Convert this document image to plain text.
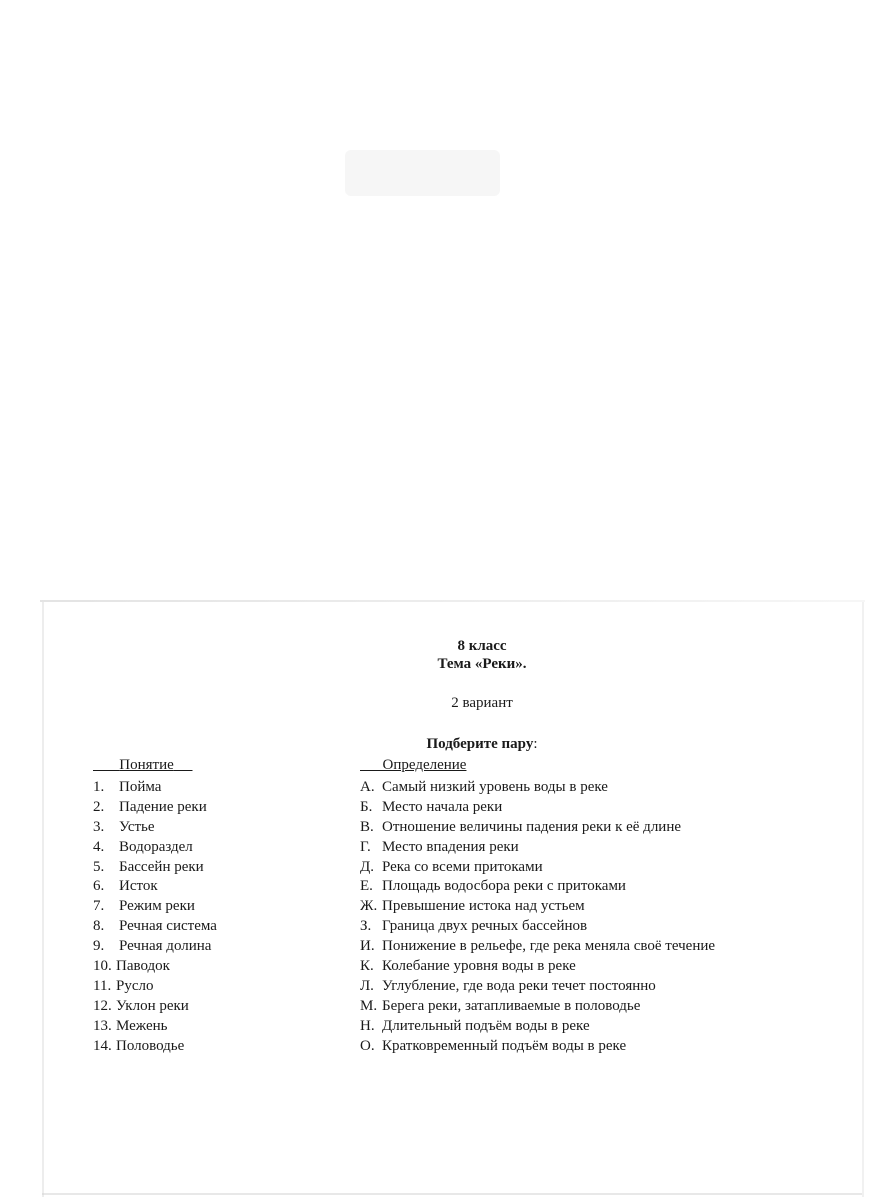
8 класс
Тема «Реки».
2 вариант
Подберите пару:
Понятие	Определение
1. Пойма
2. Падение реки
3. Устье
4. Водораздел
5. Бассейн реки
6. Исток
7. Режим реки
8. Речная система
9. Речная долина
10. Паводок
11. Русло
12. Уклон реки
13. Межень
14. Половодье
А. Самый низкий уровень воды в реке
Б. Место начала реки
В. Отношение величины падения реки к её длине
Г. Место впадения реки
Д. Река со всеми притоками
Е. Площадь водосбора реки с притоками
Ж. Превышение истока над устьем
З. Граница двух речных бассейнов
И. Понижение в рельефе, где река меняла своё течение
К. Колебание уровня воды в реке
Л. Углубление, где вода реки течет постоянно
М. Берега реки, затапливаемые в половодье
Н. Длительный подъём воды в реке
О. Кратковременный подъём воды в реке
